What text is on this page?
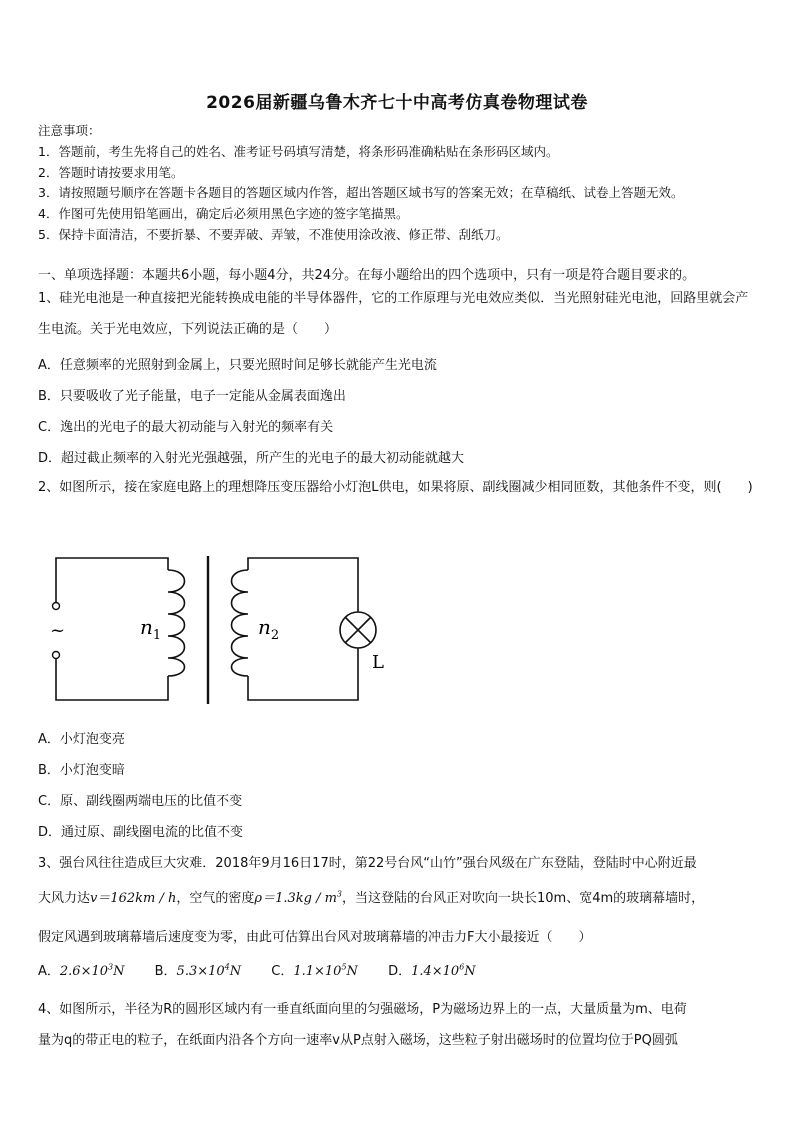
2026届新疆乌鲁木齐七十中高考仿真卷物理试卷
注意事项：
1．答题前，考生先将自己的姓名、准考证号码填写清楚，将条形码准确粘贴在条形码区域内。
2．答题时请按要求用笔。
3．请按照题号顺序在答题卡各题目的答题区域内作答，超出答题区域书写的答案无效；在草稿纸、试卷上答题无效。
4．作图可先使用铅笔画出，确定后必须用黑色字迹的签字笔描黑。
5．保持卡面清洁，不要折暴、不要弄破、弄皱，不准使用涂改液、修正带、刮纸刀。
一、单项选择题：本题共6小题，每小题4分，共24分。在每小题给出的四个选项中，只有一项是符合题目要求的。
1、硅光电池是一种直接把光能转换成电能的半导体器件，它的工作原理与光电效应类似．当光照射硅光电池，回路里就会产生电流。关于光电效应，下列说法正确的是（　　）
A．任意频率的光照射到金属上，只要光照时间足够长就能产生光电流
B．只要吸收了光子能量，电子一定能从金属表面逸出
C．逸出的光电子的最大初动能与入射光的频率有关
D．超过截止频率的入射光光强越强，所产生的光电子的最大初动能就越大
2、如图所示，接在家庭电路上的理想降压变压器给小灯泡L供电，如果将原、副线圈减少相同匝数，其他条件不变，则(　　)
~	$n_1$	$n_2$
L
A．小灯泡变亮
B．小灯泡变暗
C．原、副线圈两端电压的比值不变
D．通过原、副线圈电流的比值不变
3、强台风往往造成巨大灾难．2018年9月16日17时，第22号台风“山竹”强台风级在广东登陆，登陆时中心附近最
大风力达v＝162km / h，空气的密度$\rho=1.3kg / m^3$，当这登陆的台风正对吹向一块长10m、宽4m的玻璃幕墙时，
假定风遇到玻璃幕墙后速度变为零，由此可估算出台风对玻璃幕墙的冲击力F大小最接近（　　）
A．$2.6\times 10^3N$ B．$5.3\times 10^4N$ C．$1.1\times 10^5N$ D．$1.4\times 10^6N$
4、如图所示，半径为R的圆形区域内有一垂直纸面向里的匀强磁场，P为磁场边界上的一点，大量质量为m、电荷
量为q的带正电的粒子，在纸面内沿各个方向一速率v从P点射入磁场，这些粒子射出磁场时的位置均位于PQ圆弧
